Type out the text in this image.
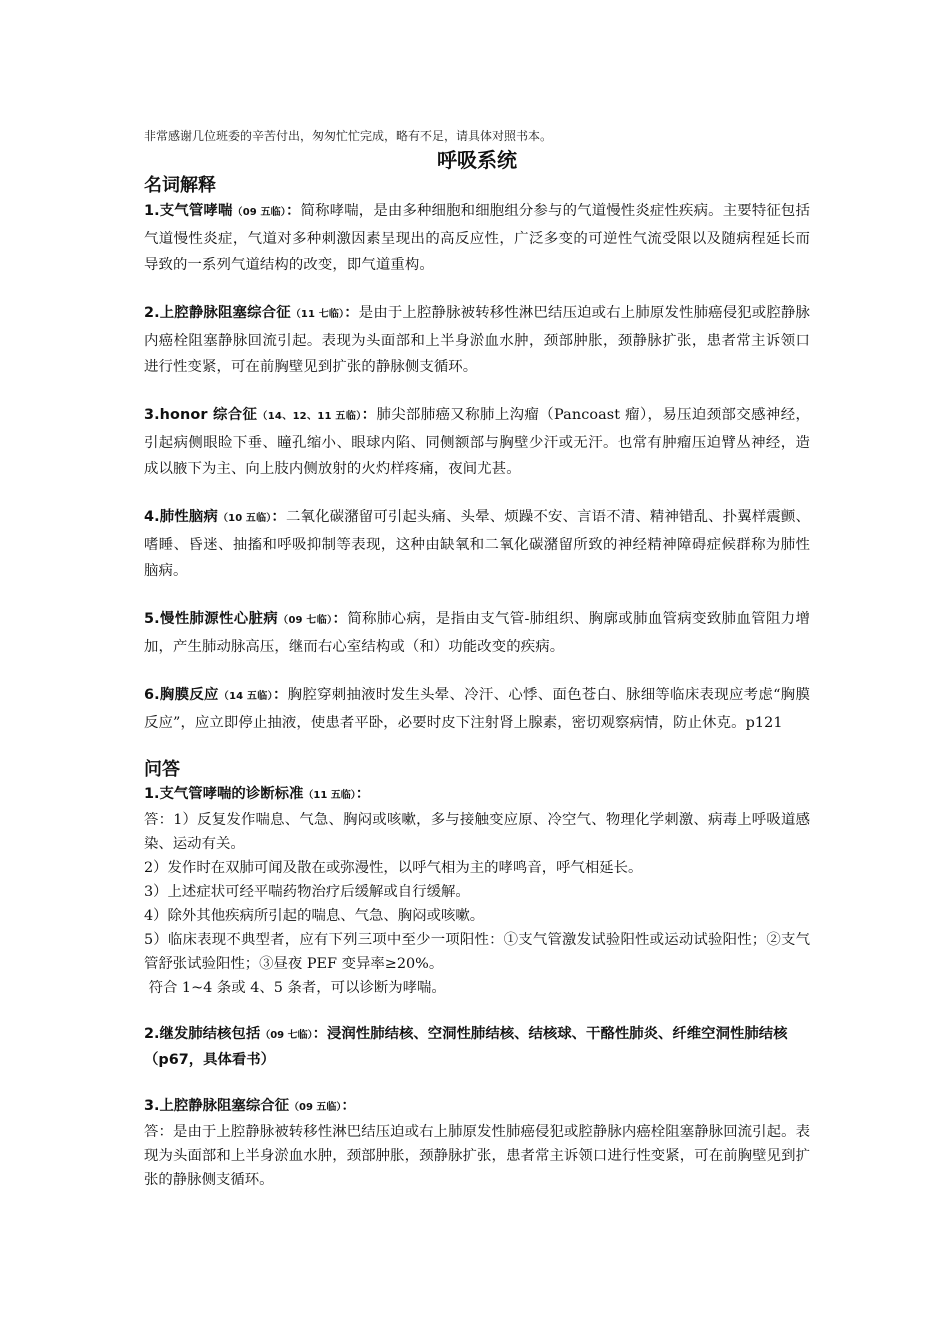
非常感谢几位班委的辛苦付出，匆匆忙忙完成，略有不足，请具体对照书本。

呼吸系统
名词解释

1.支气管哮喘（09 五临）：简称哮喘，是由多种细胞和细胞组分参与的气道慢性炎症性疾病。主要特征包括气道慢性炎症，气道对多种刺激因素呈现出的高反应性，广泛多变的可逆性气流受限以及随病程延长而导致的一系列气道结构的改变，即气道重构。

2.上腔静脉阻塞综合征（11 七临）：是由于上腔静脉被转移性淋巴结压迫或右上肺原发性肺癌侵犯或腔静脉内癌栓阻塞静脉回流引起。表现为头面部和上半身淤血水肿，颈部肿胀，颈静脉扩张，患者常主诉领口进行性变紧，可在前胸壁见到扩张的静脉侧支循环。

3.honor 综合征（14、12、11 五临）：肺尖部肺癌又称肺上沟瘤（Pancoast 瘤），易压迫颈部交感神经，引起病侧眼睑下垂、瞳孔缩小、眼球内陷、同侧额部与胸壁少汗或无汗。也常有肿瘤压迫臂丛神经，造成以腋下为主、向上肢内侧放射的火灼样疼痛，夜间尤甚。

4.肺性脑病（10 五临）：二氧化碳潴留可引起头痛、头晕、烦躁不安、言语不清、精神错乱、扑翼样震颤、嗜睡、昏迷、抽搐和呼吸抑制等表现，这种由缺氧和二氧化碳潴留所致的神经精神障碍症候群称为肺性脑病。

5.慢性肺源性心脏病（09 七临）：简称肺心病，是指由支气管-肺组织、胸廓或肺血管病变致肺血管阻力增加，产生肺动脉高压，继而右心室结构或（和）功能改变的疾病。

6.胸膜反应（14 五临）：胸腔穿刺抽液时发生头晕、冷汗、心悸、面色苍白、脉细等临床表现应考虑“胸膜反应”，应立即停止抽液，使患者平卧，必要时皮下注射肾上腺素，密切观察病情，防止休克。p121

问答

1.支气管哮喘的诊断标准（11 五临）：

答：1）反复发作喘息、气急、胸闷或咳嗽，多与接触变应原、冷空气、物理化学刺激、病毒上呼吸道感染、运动有关。

2）发作时在双肺可闻及散在或弥漫性，以呼气相为主的哮鸣音，呼气相延长。

3）上述症状可经平喘药物治疗后缓解或自行缓解。

4）除外其他疾病所引起的喘息、气急、胸闷或咳嗽。

5）临床表现不典型者，应有下列三项中至少一项阳性：①支气管激发试验阳性或运动试验阳性；②支气管舒张试验阳性；③昼夜 PEF 变异率≥20%。

符合 1~4 条或 4、5 条者，可以诊断为哮喘。

2.继发肺结核包括（09 七临）：浸润性肺结核、空洞性肺结核、结核球、干酪性肺炎、纤维空洞性肺结核（p67，具体看书）

3.上腔静脉阻塞综合征（09 五临）：

答：是由于上腔静脉被转移性淋巴结压迫或右上肺原发性肺癌侵犯或腔静脉内癌栓阻塞静脉回流引起。表现为头面部和上半身淤血水肿，颈部肿胀，颈静脉扩张，患者常主诉领口进行性变紧，可在前胸壁见到扩张的静脉侧支循环。
